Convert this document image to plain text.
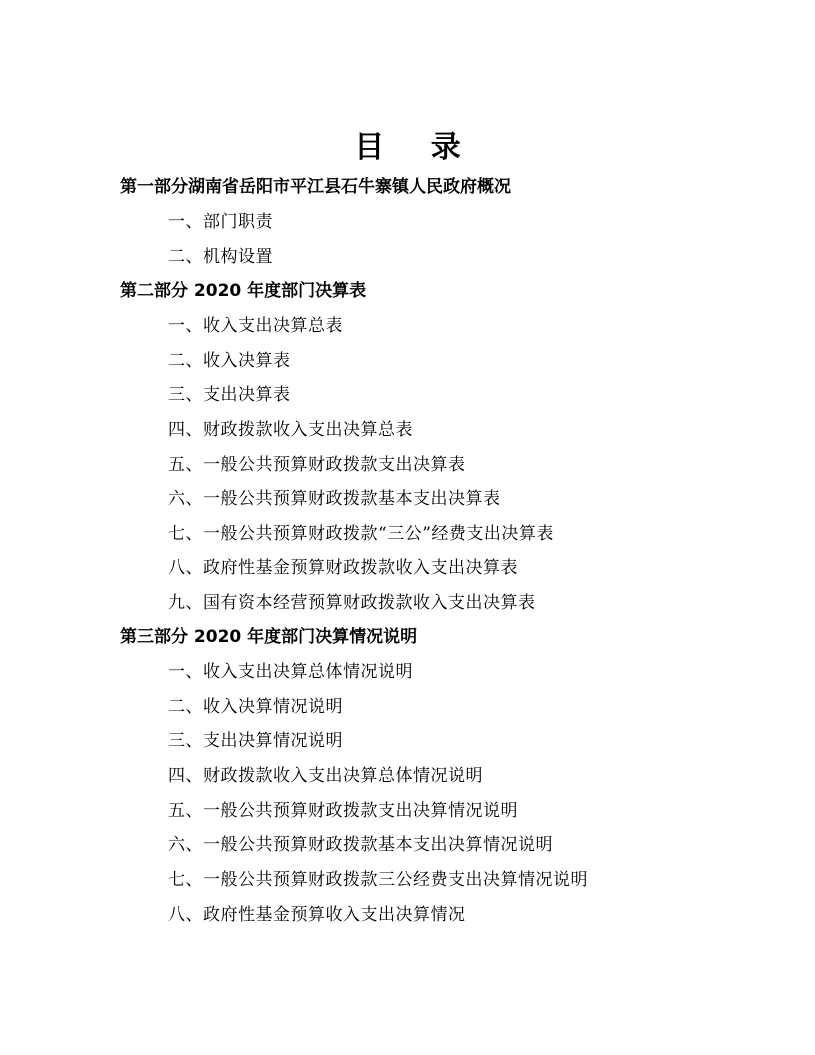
目 录
第一部分湖南省岳阳市平江县石牛寨镇人民政府概况
一、部门职责
二、机构设置
第二部分 2020 年度部门决算表
一、收入支出决算总表
二、收入决算表
三、支出决算表
四、财政拨款收入支出决算总表
五、一般公共预算财政拨款支出决算表
六、一般公共预算财政拨款基本支出决算表
七、一般公共预算财政拨款“三公”经费支出决算表
八、政府性基金预算财政拨款收入支出决算表
九、国有资本经营预算财政拨款收入支出决算表
第三部分 2020 年度部门决算情况说明
一、收入支出决算总体情况说明
二、收入决算情况说明
三、支出决算情况说明
四、财政拨款收入支出决算总体情况说明
五、一般公共预算财政拨款支出决算情况说明
六、一般公共预算财政拨款基本支出决算情况说明
七、一般公共预算财政拨款三公经费支出决算情况说明
八、政府性基金预算收入支出决算情况
